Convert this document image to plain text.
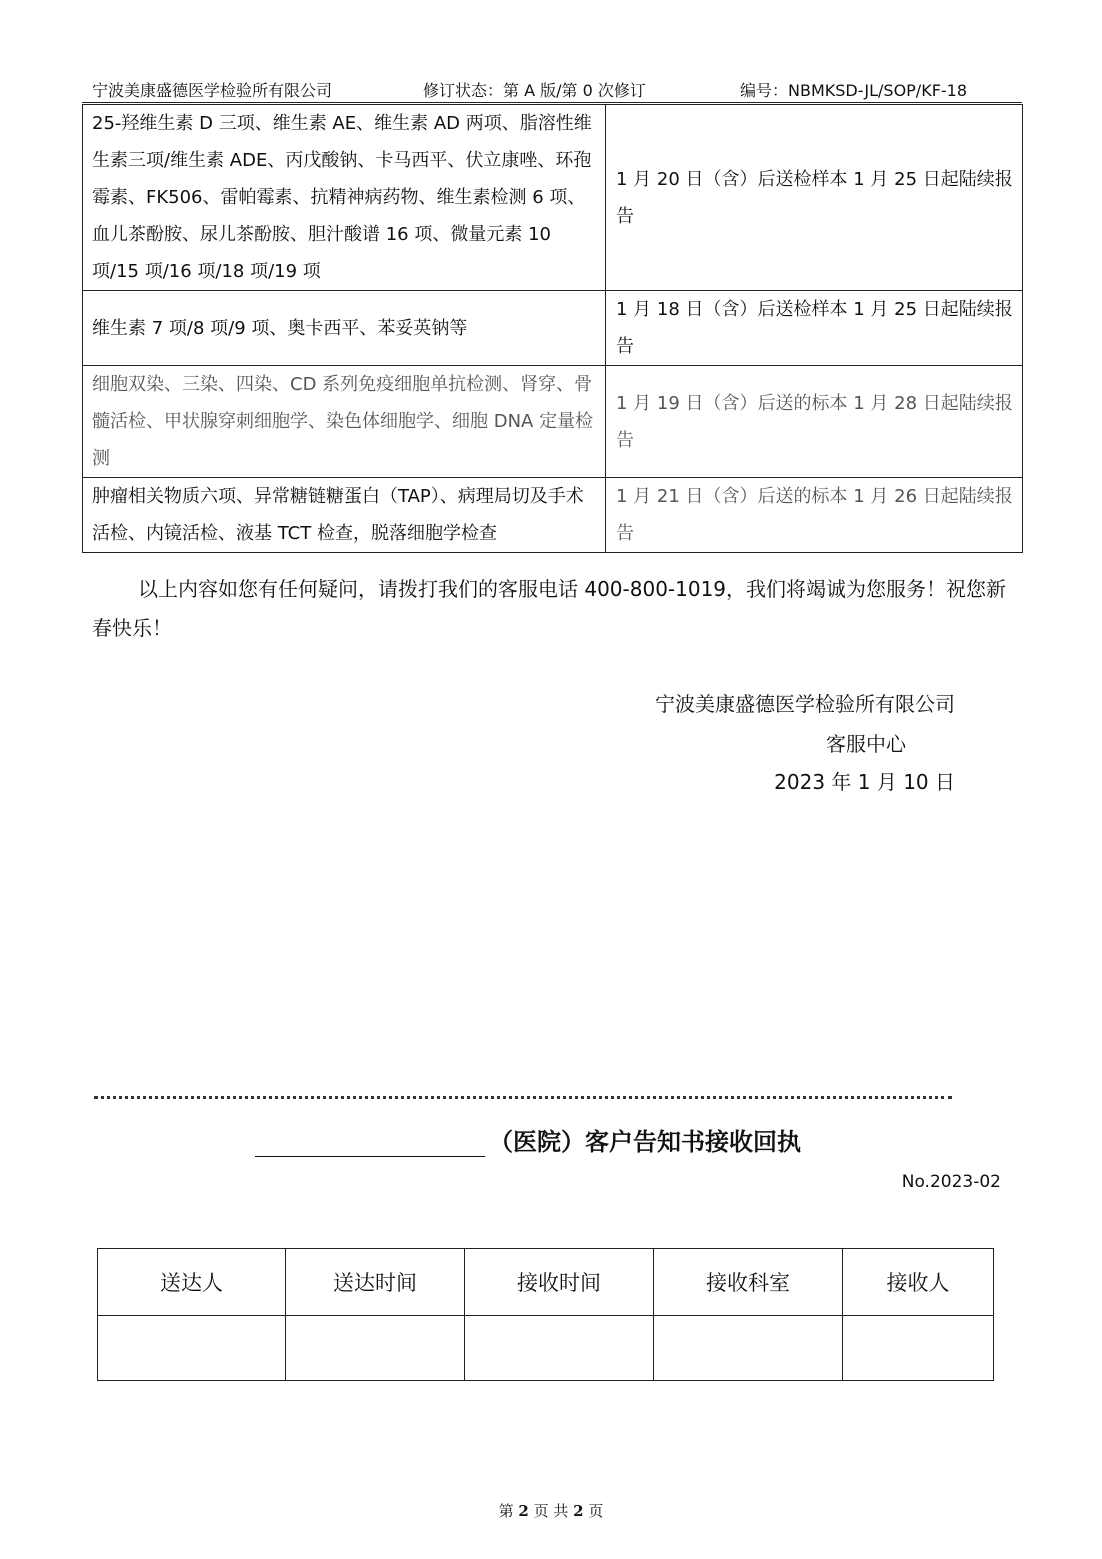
宁波美康盛德医学检验所有限公司	修订状态：第 A 版/第 0 次修订	编号：NBMKSD-JL/SOP/KF-18
25-羟维生素 D 三项、维生素 AE、维生素 AD 两项、脂溶性维生素三项/维生素 ADE、丙戊酸钠、卡马西平、伏立康唑、环孢霉素、FK506、雷帕霉素、抗精神病药物、维生素检测 6 项、血儿茶酚胺、尿儿茶酚胺、胆汁酸谱 16 项、微量元素 10 项/15 项/16 项/18 项/19 项	1 月 20 日（含）后送检样本 1 月 25 日起陆续报告

维生素 7 项/8 项/9 项、奥卡西平、苯妥英钠等	1 月 18 日（含）后送检样本 1 月 25 日起陆续报告

细胞双染、三染、四染、CD 系列免疫细胞单抗检测、肾穿、骨髓活检、甲状腺穿刺细胞学、染色体细胞学、细胞 DNA 定量检测	1 月 19 日（含）后送的标本 1 月 28 日起陆续报告

肿瘤相关物质六项、异常糖链糖蛋白（TAP）、病理局切及手术活检、内镜活检、液基 TCT 检查，脱落细胞学检查	1 月 21 日（含）后送的标本 1 月 26 日起陆续报告

以上内容如您有任何疑问，请拨打我们的客服电话 400-800-1019，我们将竭诚为您服务！祝您新春快乐！

宁波美康盛德医学检验所有限公司
客服中心
2023 年 1 月 10 日
（医院）客户告知书接收回执
No.2023-02
送达人	送达时间	接收时间	接收科室	接收人

第 2 页 共 2 页
